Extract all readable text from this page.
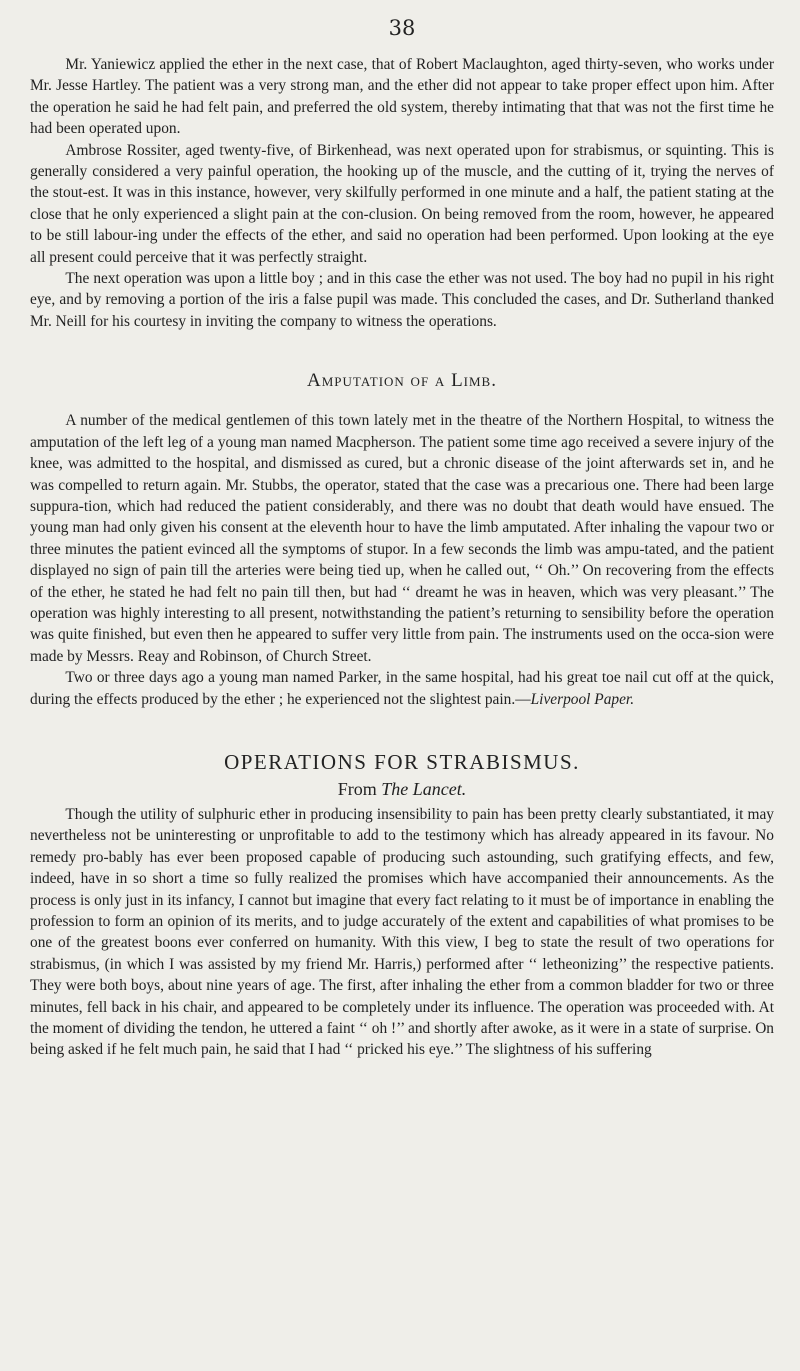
38

Mr. Yaniewicz applied the ether in the next case, that of Robert Maclaughton, aged thirty-seven, who works under Mr. Jesse Hartley. The patient was a very strong man, and the ether did not appear to take proper effect upon him. After the operation he said he had felt pain, and preferred the old system, thereby intimating that that was not the first time he had been operated upon.

Ambrose Rossiter, aged twenty-five, of Birkenhead, was next operated upon for strabismus, or squinting. This is generally considered a very painful operation, the hooking up of the muscle, and the cutting of it, trying the nerves of the stout-est. It was in this instance, however, very skilfully performed in one minute and a half, the patient stating at the close that he only experienced a slight pain at the con-clusion. On being removed from the room, however, he appeared to be still labour-ing under the effects of the ether, and said no operation had been performed. Upon looking at the eye all present could perceive that it was perfectly straight.

The next operation was upon a little boy ; and in this case the ether was not used. The boy had no pupil in his right eye, and by removing a portion of the iris a false pupil was made. This concluded the cases, and Dr. Sutherland thanked Mr. Neill for his courtesy in inviting the company to witness the operations.

Amputation of a Limb.

A number of the medical gentlemen of this town lately met in the theatre of the Northern Hospital, to witness the amputation of the left leg of a young man named Macpherson. The patient some time ago received a severe injury of the knee, was admitted to the hospital, and dismissed as cured, but a chronic disease of the joint afterwards set in, and he was compelled to return again. Mr. Stubbs, the operator, stated that the case was a precarious one. There had been large suppura-tion, which had reduced the patient considerably, and there was no doubt that death would have ensued. The young man had only given his consent at the eleventh hour to have the limb amputated. After inhaling the vapour two or three minutes the patient evinced all the symptoms of stupor. In a few seconds the limb was ampu-tated, and the patient displayed no sign of pain till the arteries were being tied up, when he called out, ‘‘ Oh.’’ On recovering from the effects of the ether, he stated he had felt no pain till then, but had ‘‘ dreamt he was in heaven, which was very pleasant.’’ The operation was highly interesting to all present, notwithstanding the patient’s returning to sensibility before the operation was quite finished, but even then he appeared to suffer very little from pain. The instruments used on the occa-sion were made by Messrs. Reay and Robinson, of Church Street.

Two or three days ago a young man named Parker, in the same hospital, had his great toe nail cut off at the quick, during the effects produced by the ether ; he experienced not the slightest pain.—Liverpool Paper.

OPERATIONS FOR STRABISMUS.
From The Lancet.

Though the utility of sulphuric ether in producing insensibility to pain has been pretty clearly substantiated, it may nevertheless not be uninteresting or unprofitable to add to the testimony which has already appeared in its favour. No remedy pro-bably has ever been proposed capable of producing such astounding, such gratifying effects, and few, indeed, have in so short a time so fully realized the promises which have accompanied their announcements. As the process is only just in its infancy, I cannot but imagine that every fact relating to it must be of importance in enabling the profession to form an opinion of its merits, and to judge accurately of the extent and capabilities of what promises to be one of the greatest boons ever conferred on humanity. With this view, I beg to state the result of two operations for strabismus, (in which I was assisted by my friend Mr. Harris,) performed after ‘‘ letheonizing’’ the respective patients. They were both boys, about nine years of age. The first, after inhaling the ether from a common bladder for two or three minutes, fell back in his chair, and appeared to be completely under its influence. The operation was proceeded with. At the moment of dividing the tendon, he uttered a faint ‘‘ oh !’’ and shortly after awoke, as it were in a state of surprise. On being asked if he felt much pain, he said that I had ‘‘ pricked his eye.’’ The slightness of his suffering
